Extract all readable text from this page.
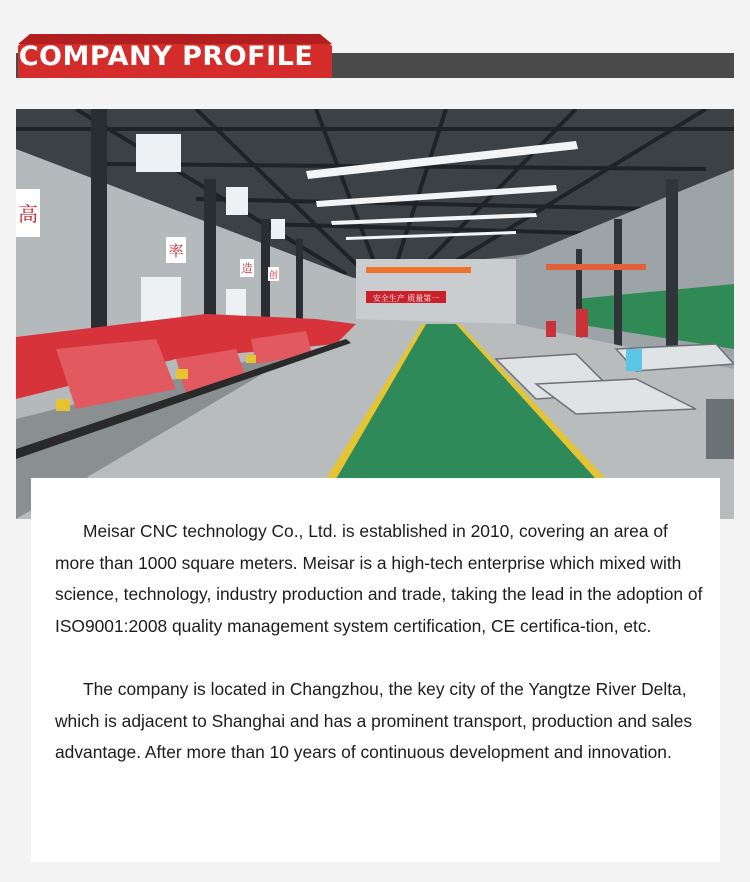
COMPANY PROFILE
高
率
造
创
安全生产 质量第一

Meisar CNC technology Co., Ltd. is established in 2010, covering an area of more than 1000 square meters. Meisar is a high-tech enterprise which mixed with science, technology, industry production and trade, taking the lead in the adoption of ISO9001:2008 quality management system certification, CE certifica-tion, etc.

The company is located in Changzhou, the key city of the Yangtze River Delta, which is adjacent to Shanghai and has a prominent transport, production and sales advantage. After more than 10 years of continuous development and innovation.
